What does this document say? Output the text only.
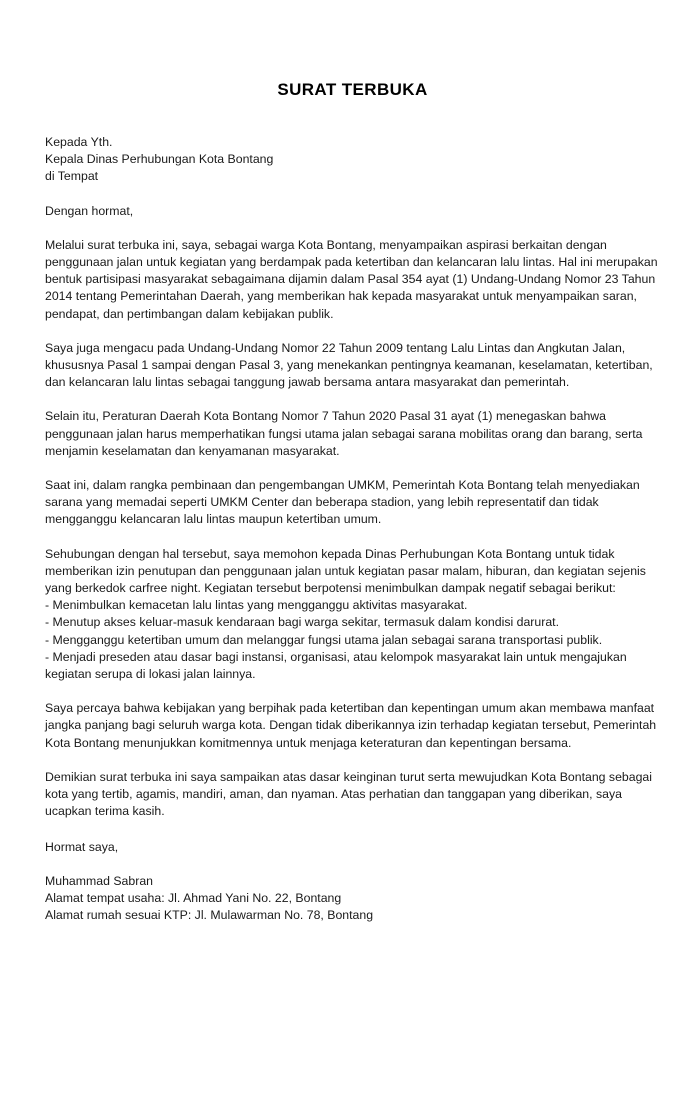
SURAT TERBUKA
Kepada Yth.
Kepala Dinas Perhubungan Kota Bontang
di Tempat

Dengan hormat,

Melalui surat terbuka ini, saya, sebagai warga Kota Bontang, menyampaikan aspirasi berkaitan dengan penggunaan jalan untuk kegiatan yang berdampak pada ketertiban dan kelancaran lalu lintas. Hal ini merupakan bentuk partisipasi masyarakat sebagaimana dijamin dalam Pasal 354 ayat (1) Undang-Undang Nomor 23 Tahun 2014 tentang Pemerintahan Daerah, yang memberikan hak kepada masyarakat untuk menyampaikan saran, pendapat, dan pertimbangan dalam kebijakan publik.

Saya juga mengacu pada Undang-Undang Nomor 22 Tahun 2009 tentang Lalu Lintas dan Angkutan Jalan, khususnya Pasal 1 sampai dengan Pasal 3, yang menekankan pentingnya keamanan, keselamatan, ketertiban, dan kelancaran lalu lintas sebagai tanggung jawab bersama antara masyarakat dan pemerintah.

Selain itu, Peraturan Daerah Kota Bontang Nomor 7 Tahun 2020 Pasal 31 ayat (1) menegaskan bahwa penggunaan jalan harus memperhatikan fungsi utama jalan sebagai sarana mobilitas orang dan barang, serta menjamin keselamatan dan kenyamanan masyarakat.

Saat ini, dalam rangka pembinaan dan pengembangan UMKM, Pemerintah Kota Bontang telah menyediakan sarana yang memadai seperti UMKM Center dan beberapa stadion, yang lebih representatif dan tidak mengganggu kelancaran lalu lintas maupun ketertiban umum.

Sehubungan dengan hal tersebut, saya memohon kepada Dinas Perhubungan Kota Bontang untuk tidak memberikan izin penutupan dan penggunaan jalan untuk kegiatan pasar malam, hiburan, dan kegiatan sejenis yang berkedok carfree night. Kegiatan tersebut berpotensi menimbulkan dampak negatif sebagai berikut:

- Menimbulkan kemacetan lalu lintas yang mengganggu aktivitas masyarakat.
- Menutup akses keluar-masuk kendaraan bagi warga sekitar, termasuk dalam kondisi darurat.
- Mengganggu ketertiban umum dan melanggar fungsi utama jalan sebagai sarana transportasi publik.
- Menjadi preseden atau dasar bagi instansi, organisasi, atau kelompok masyarakat lain untuk mengajukan kegiatan serupa di lokasi jalan lainnya.

Saya percaya bahwa kebijakan yang berpihak pada ketertiban dan kepentingan umum akan membawa manfaat jangka panjang bagi seluruh warga kota. Dengan tidak diberikannya izin terhadap kegiatan tersebut, Pemerintah Kota Bontang menunjukkan komitmennya untuk menjaga keteraturan dan kepentingan bersama.

Demikian surat terbuka ini saya sampaikan atas dasar keinginan turut serta mewujudkan Kota Bontang sebagai kota yang tertib, agamis, mandiri, aman, dan nyaman. Atas perhatian dan tanggapan yang diberikan, saya ucapkan terima kasih.

Hormat saya,

Muhammad Sabran
Alamat tempat usaha: Jl. Ahmad Yani No. 22, Bontang
Alamat rumah sesuai KTP: Jl. Mulawarman No. 78, Bontang
